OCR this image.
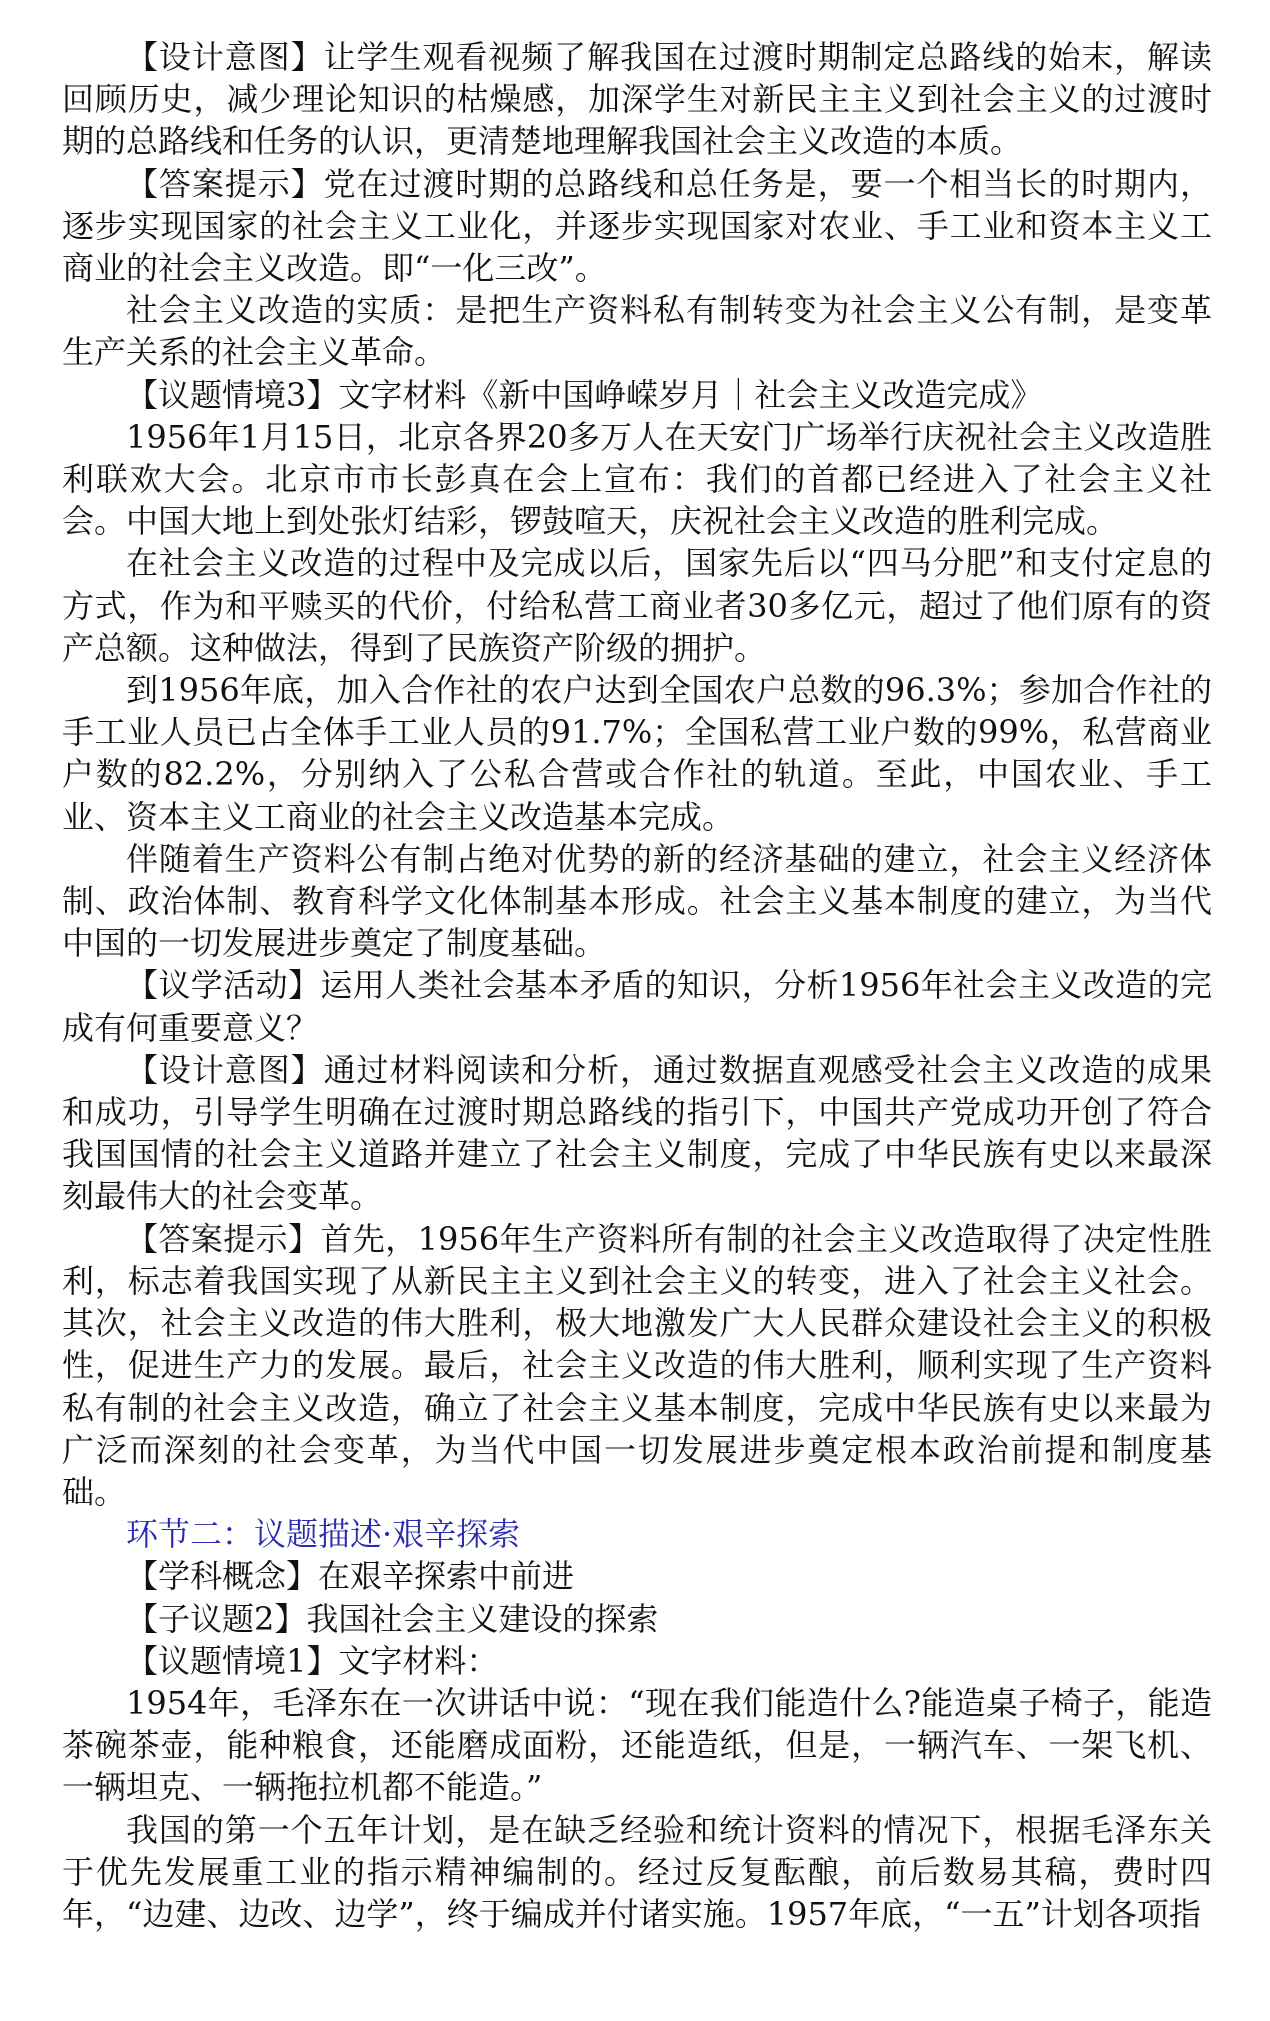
【设计意图】让学生观看视频了解我国在过渡时期制定总路线的始末，解读回顾历史，减少理论知识的枯燥感，加深学生对新民主主义到社会主义的过渡时期的总路线和任务的认识，更清楚地理解我国社会主义改造的本质。

【答案提示】党在过渡时期的总路线和总任务是，要一个相当长的时期内，逐步实现国家的社会主义工业化，并逐步实现国家对农业、手工业和资本主义工商业的社会主义改造。即“一化三改”。

社会主义改造的实质：是把生产资料私有制转变为社会主义公有制，是变革生产关系的社会主义革命。

【议题情境3】文字材料《新中国峥嵘岁月｜社会主义改造完成》

1956年1月15日，北京各界20多万人在天安门广场举行庆祝社会主义改造胜利联欢大会。北京市市长彭真在会上宣布：我们的首都已经进入了社会主义社会。中国大地上到处张灯结彩，锣鼓喧天，庆祝社会主义改造的胜利完成。

在社会主义改造的过程中及完成以后，国家先后以“四马分肥”和支付定息的方式，作为和平赎买的代价，付给私营工商业者30多亿元，超过了他们原有的资产总额。这种做法，得到了民族资产阶级的拥护。

到1956年底，加入合作社的农户达到全国农户总数的96.3%；参加合作社的手工业人员已占全体手工业人员的91.7%；全国私营工业户数的99%，私营商业户数的82.2%，分别纳入了公私合营或合作社的轨道。至此，中国农业、手工业、资本主义工商业的社会主义改造基本完成。

伴随着生产资料公有制占绝对优势的新的经济基础的建立，社会主义经济体制、政治体制、教育科学文化体制基本形成。社会主义基本制度的建立，为当代中国的一切发展进步奠定了制度基础。

【议学活动】运用人类社会基本矛盾的知识，分析1956年社会主义改造的完成有何重要意义？

【设计意图】通过材料阅读和分析，通过数据直观感受社会主义改造的成果和成功，引导学生明确在过渡时期总路线的指引下，中国共产党成功开创了符合我国国情的社会主义道路并建立了社会主义制度，完成了中华民族有史以来最深刻最伟大的社会变革。

【答案提示】首先，1956年生产资料所有制的社会主义改造取得了决定性胜利，标志着我国实现了从新民主主义到社会主义的转变，进入了社会主义社会。其次，社会主义改造的伟大胜利，极大地激发广大人民群众建设社会主义的积极性，促进生产力的发展。最后，社会主义改造的伟大胜利，顺利实现了生产资料私有制的社会主义改造，确立了社会主义基本制度，完成中华民族有史以来最为广泛而深刻的社会变革，为当代中国一切发展进步奠定根本政治前提和制度基础。

环节二：议题描述·艰辛探索

【学科概念】在艰辛探索中前进

【子议题2】我国社会主义建设的探索

【议题情境1】文字材料：

1954年，毛泽东在一次讲话中说：“现在我们能造什么?能造桌子椅子，能造茶碗茶壶，能种粮食，还能磨成面粉，还能造纸，但是，一辆汽车、一架飞机、一辆坦克、一辆拖拉机都不能造。”

我国的第一个五年计划，是在缺乏经验和统计资料的情况下，根据毛泽东关于优先发展重工业的指示精神编制的。经过反复酝酿，前后数易其稿，费时四年，“边建、边改、边学”，终于编成并付诸实施。1957年底，“一五”计划各项指
